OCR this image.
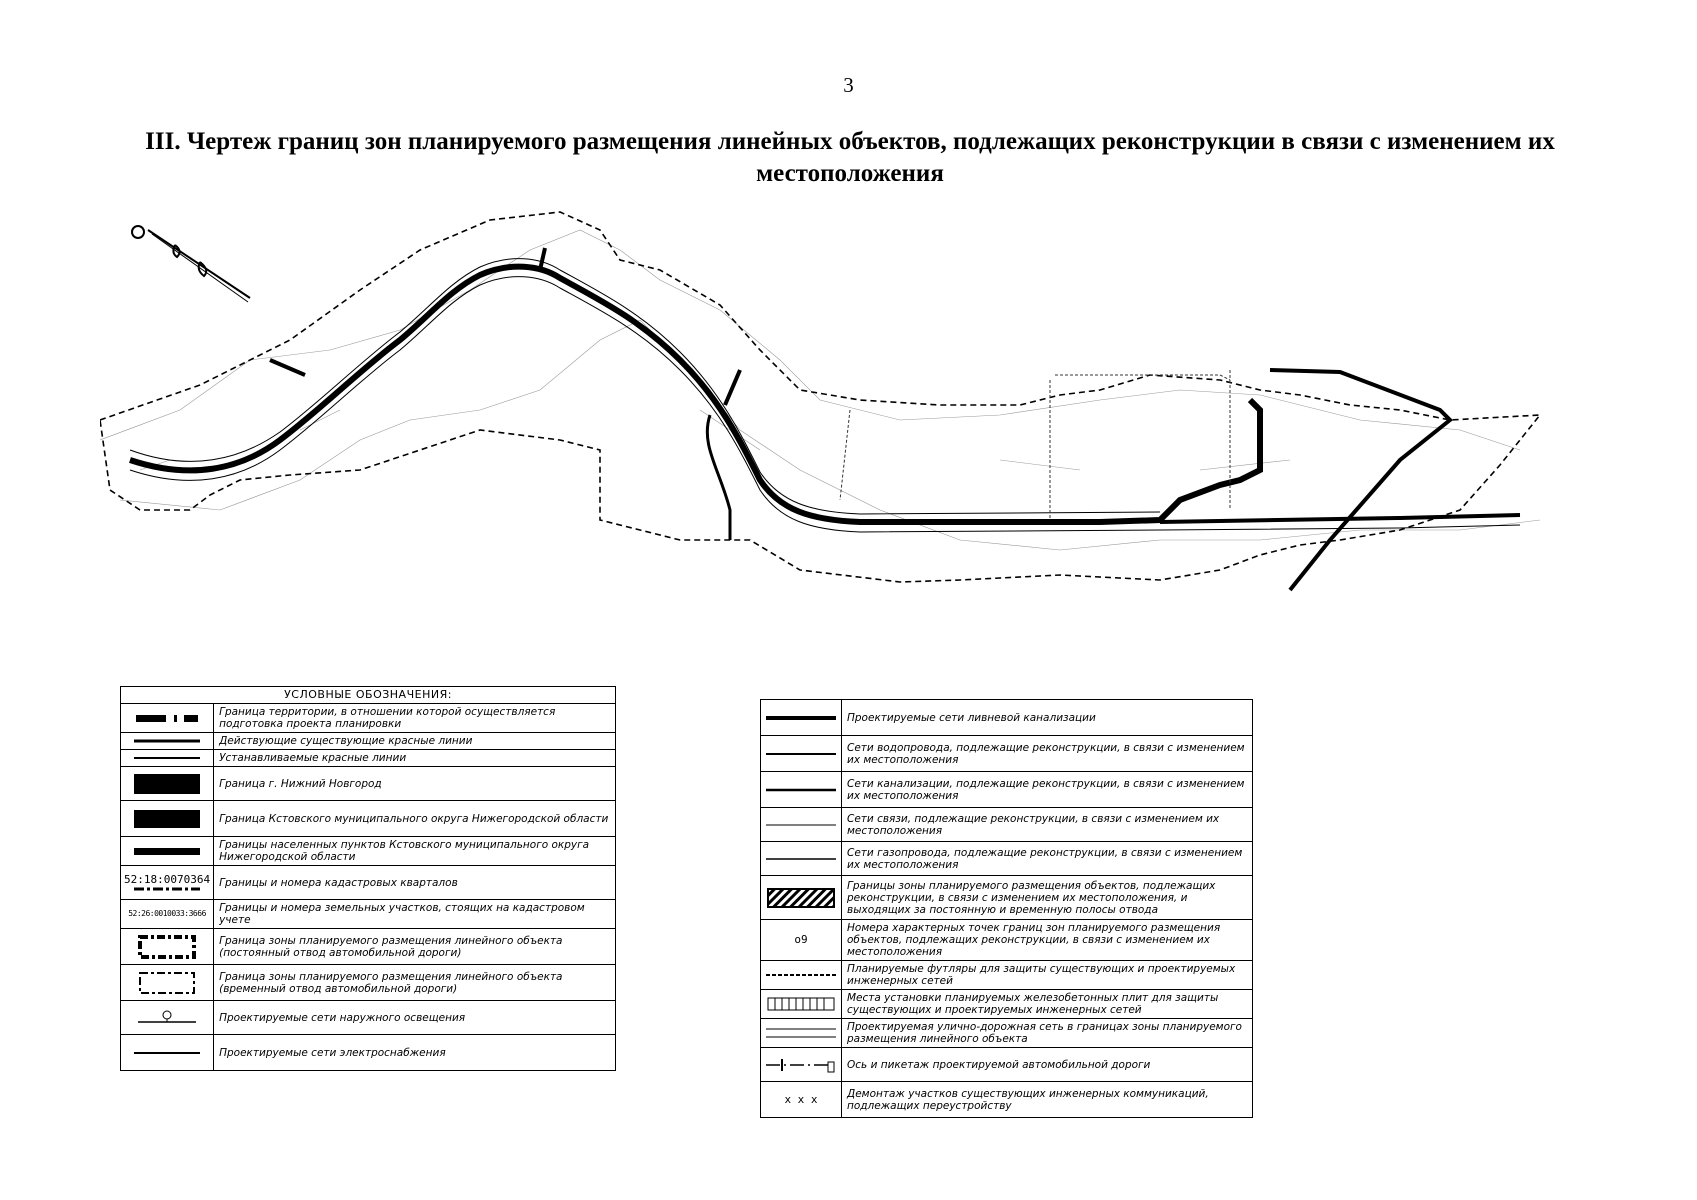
3
III. Чертеж границ зон планируемого размещения линейных объектов, подлежащих реконструкции в связи с изменением их местоположения
УСЛОВНЫЕ ОБОЗНАЧЕНИЯ:	

	Граница территории, в отношении которой осуществляется подготовка проекта планировки

	Действующие существующие красные линии

	Устанавливаемые красные линии

	Граница г. Нижний Новгород

	Граница Кстовского муниципального округа Нижегородской области

	Границы населенных пунктов Кстовского муниципального округа Нижегородской области

52:18:0070364	Границы и номера кадастровых кварталов

52:26:0010033:3666	Границы и номера земельных участков, стоящих на кадастровом учете

	Граница зоны планируемого размещения линейного объекта (постоянный отвод автомобильной дороги)

	Граница зоны планируемого размещения линейного объекта (временный отвод автомобильной дороги)

	Проектируемые сети наружного освещения

	Проектируемые сети электроснабжения
	Проектируемые сети ливневой канализации

	Сети водопровода, подлежащие реконструкции, в связи с изменением их местоположения

	Сети канализации, подлежащие реконструкции, в связи с изменением их местоположения

	Сети связи, подлежащие реконструкции, в связи с изменением их местоположения

	Сети газопровода, подлежащие реконструкции, в связи с изменением их местоположения

	Границы зоны планируемого размещения объектов, подлежащих реконструкции, в связи с изменением их местоположения, и выходящих за постоянную и временную полосы отвода

о9	Номера характерных точек границ зон планируемого размещения объектов, подлежащих реконструкции, в связи с изменением их местоположения

	Планируемые футляры для защиты существующих и проектируемых инженерных сетей

	Места установки планируемых железобетонных плит для защиты существующих и проектируемых инженерных сетей

	Проектируемая улично-дорожная сеть в границах зоны планируемого размещения линейного объекта

	Ось и пикетаж проектируемой автомобильной дороги

x x x	Демонтаж участков существующих инженерных коммуникаций, подлежащих переустройству
